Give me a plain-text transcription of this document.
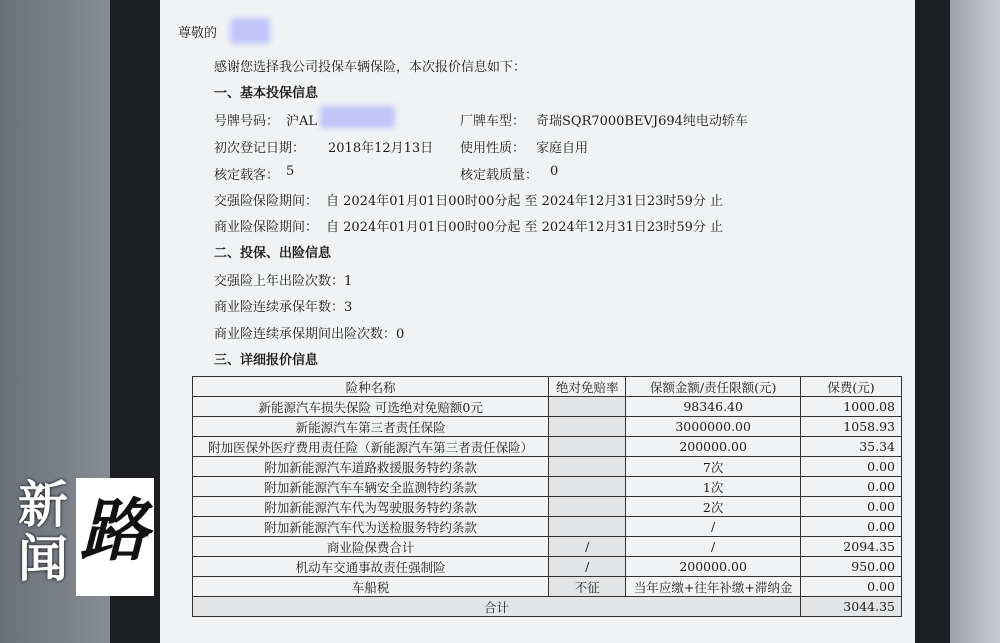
尊敬的
感谢您选择我公司投保车辆保险，本次报价信息如下：
一、基本投保信息
号牌号码： 沪AL	厂牌车型： 奇瑞SQR7000BEVJ694纯电动轿车
初次登记日期： 2018年12月13日 使用性质： 家庭自用
核定载客： 5	核定载质量： 0
交强险保险期间： 自 2024年01月01日00时00分起 至 2024年12月31日23时59分 止
商业险保险期间： 自 2024年01月01日00时00分起 至 2024年12月31日23时59分 止
二、投保、出险信息
交强险上年出险次数：1
商业险连续承保年数：3
商业险连续承保期间出险次数：0
三、详细报价信息
险种名称	绝对免赔率	保额金额/责任限额(元)	保费(元)
新能源汽车损失保险 可选绝对免赔额0元		98346.40	1000.08
新能源汽车第三者责任保险		3000000.00	1058.93
附加医保外医疗费用责任险（新能源汽车第三者责任保险）		200000.00	35.34
附加新能源汽车道路救援服务特约条款		7次	0.00
附加新能源汽车车辆安全监测特约条款		1次	0.00
附加新能源汽车代为驾驶服务特约条款		2次	0.00
附加新能源汽车代为送检服务特约条款		/	0.00
商业险保费合计	/	/	2094.35
机动车交通事故责任强制险	/	200000.00	950.00
车船税	不征	当年应缴+往年补缴+滞纳金	0.00
合计			3044.35
新
闻 路
